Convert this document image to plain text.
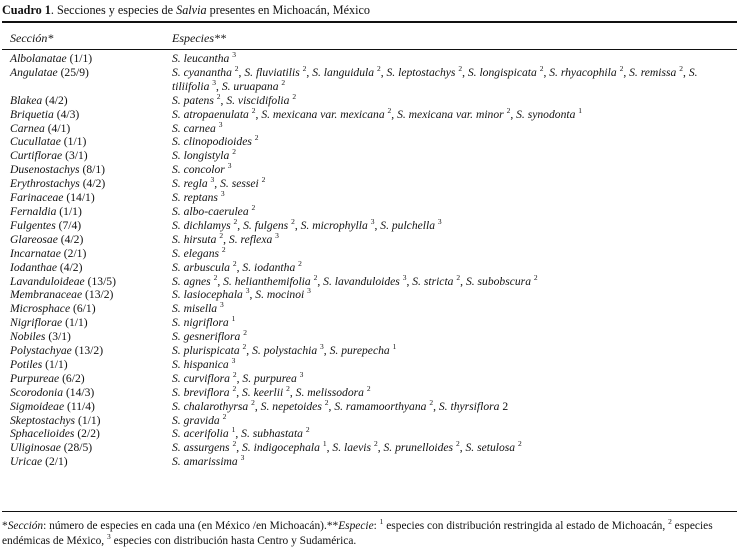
Cuadro 1. Secciones y especies de Salvia presentes en Michoacán, México
Sección*	Especies**
Albolanatae (1/1)	S. leucantha $^3$
Angulatae (25/9)	S. cyanantha $^2$, S. fluviatilis $^2$, S. languidula $^2$, S. leptostachys $^2$, S. longispicata $^2$, S. rhyacophila $^2$, S. remissa $^2$, S. tiliifolia $^3$, S. uruapana $^2$
Blakea (4/2)	S. patens $^2$, S. viscidifolia $^2$
Briquetia (4/3)	S. atropaenulata $^2$, S. mexicana var. mexicana $^2$, S. mexicana var. minor $^2$, S. synodonta $^1$
Carnea (4/1)	S. carnea $^3$
Cucullatae (1/1)	S. clinopodioides $^2$
Curtiflorae (3/1)	S. longistyla $^2$
Dusenostachys (8/1)	S. concolor $^3$
Erythrostachys (4/2)	S. regla $^3$, S. sessei $^2$
Farinaceae (14/1)	S. reptans $^3$
Fernaldia (1/1)	S. albo-caerulea $^2$
Fulgentes (7/4)	S. dichlamys $^2$, S. fulgens $^2$, S. microphylla $^3$, S. pulchella $^3$
Glareosae (4/2)	S. hirsuta $^2$, S. reflexa $^3$
Incarnatae (2/1)	S. elegans $^2$
Iodanthae (4/2)	S. arbuscula $^2$, S. iodantha $^2$
Lavanduloideae (13/5)	S. agnes $^2$, S. helianthemifolia $^2$, S. lavanduloides $^3$, S. stricta $^2$, S. subobscura $^2$
Membranaceae (13/2)	S. lasiocephala $^3$, S. mocinoi $^3$
Microsphace (6/1)	S. misella $^3$
Nigriflorae (1/1)	S. nigriflora $^1$
Nobiles (3/1)	S. gesneriflora $^2$
Polystachyae (13/2)	S. plurispicata $^2$, S. polystachia $^3$, S. purepecha $^1$
Potiles (1/1)	S. hispanica $^3$
Purpureae (6/2)	S. curviflora $^2$, S. purpurea $^3$
Scorodonia (14/3)	S. breviflora $^2$, S. keerlii $^2$, S. melissodora $^2$
Sigmoideae (11/4)	S. chalarothyrsa $^2$, S. nepetoides $^2$, S. ramamoorthyana $^2$, S. thyrsiflora 2
Skeptostachys (1/1)	S. gravida $^2$
Sphacelioides (2/2)	S. acerifolia $^1$, S. subhastata $^2$
Uliginosae (28/5)	S. assurgens $^2$, S. indigocephala $^1$, S. laevis $^2$, S. prunelloides $^2$, S. setulosa $^2$
Uricae (2/1)	S. amarissima $^3$
*Sección: número de especies en cada una (en México /en Michoacán).**Especie: $^1$ especies con distribución restringida al estado de Michoacán, $^2$ especies endémicas de México, $^3$ especies con distribución hasta Centro y Sudamérica.
